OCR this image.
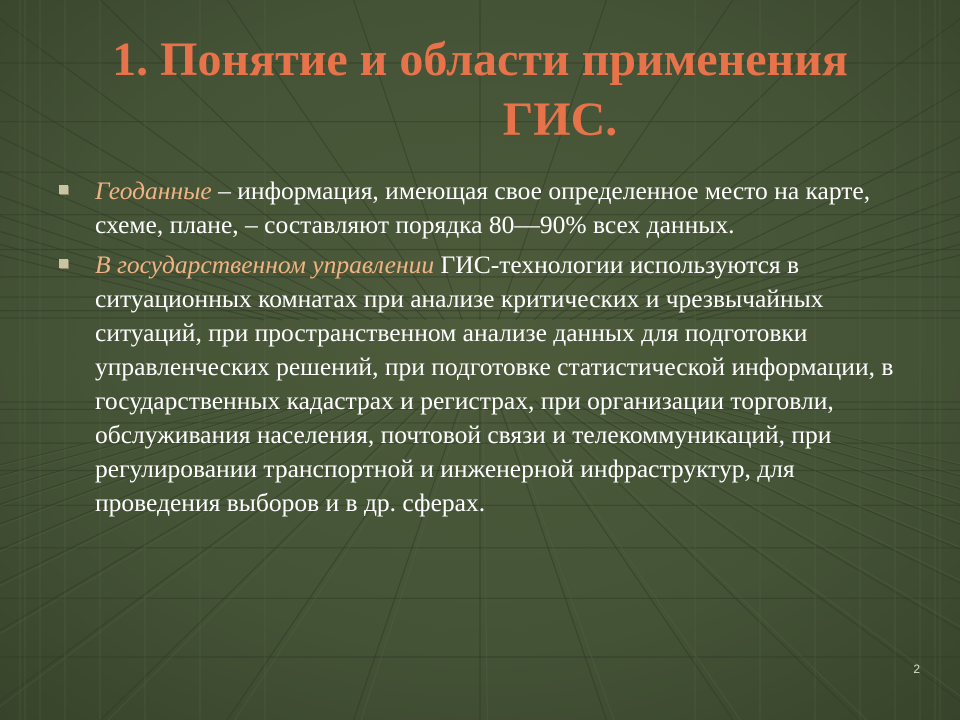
1. Понятие и области применения
ГИС.
Геоданные – информация, имеющая свое определенное место на карте, схеме, плане, – составляют порядка 80—90% всех данных.
В государственном управлении ГИС-технологии используются в ситуационных комнатах при анализе критических и чрезвычайных ситуаций, при пространственном анализе данных для подготовки управленческих решений, при подготовке статистической информации, в государственных кадастрах и регистрах, при организации торговли, обслуживания населения, почтовой связи и телекоммуникаций, при регулировании транспортной и инженерной инфраструктур, для проведения выборов и в др. сферах.
2
